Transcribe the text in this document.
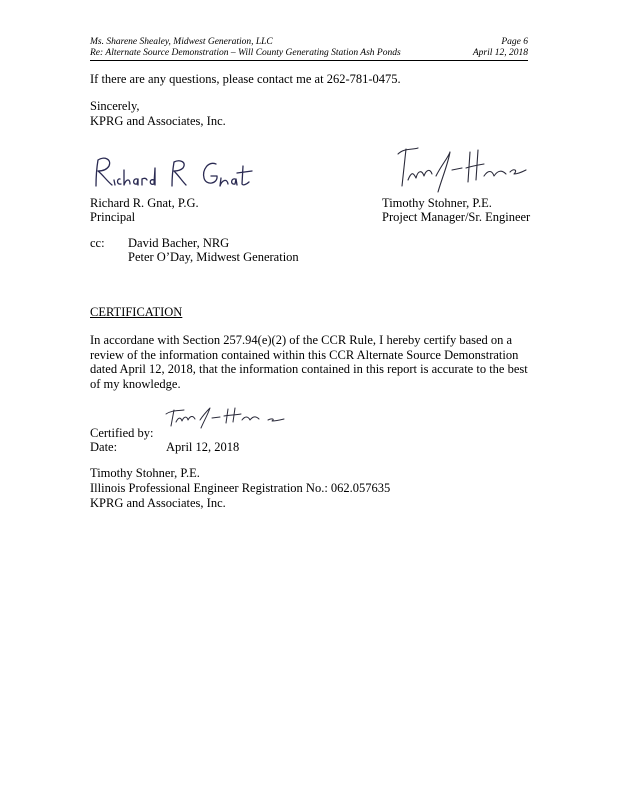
Ms. Sharene Shealey, Midwest Generation, LLC	Page 6
Re: Alternate Source Demonstration – Will County Generating Station Ash Ponds	April 12, 2018
If there are any questions, please contact me at 262-781-0475.
Sincerely,
KPRG and Associates, Inc.
Richard R. Gnat, P.G.
Principal
Timothy Stohner, P.E.
Project Manager/Sr. Engineer
cc: David Bacher, NRG
Peter O’Day, Midwest Generation
CERTIFICATION
In accordane with Section 257.94(e)(2) of the CCR Rule, I hereby certify based on a review of the information contained within this CCR Alternate Source Demonstration dated April 12, 2018, that the information contained in this report is accurate to the best of my knowledge.
Certified by:
Date:	April 12, 2018
Timothy Stohner, P.E.
Illinois Professional Engineer Registration No.: 062.057635
KPRG and Associates, Inc.
